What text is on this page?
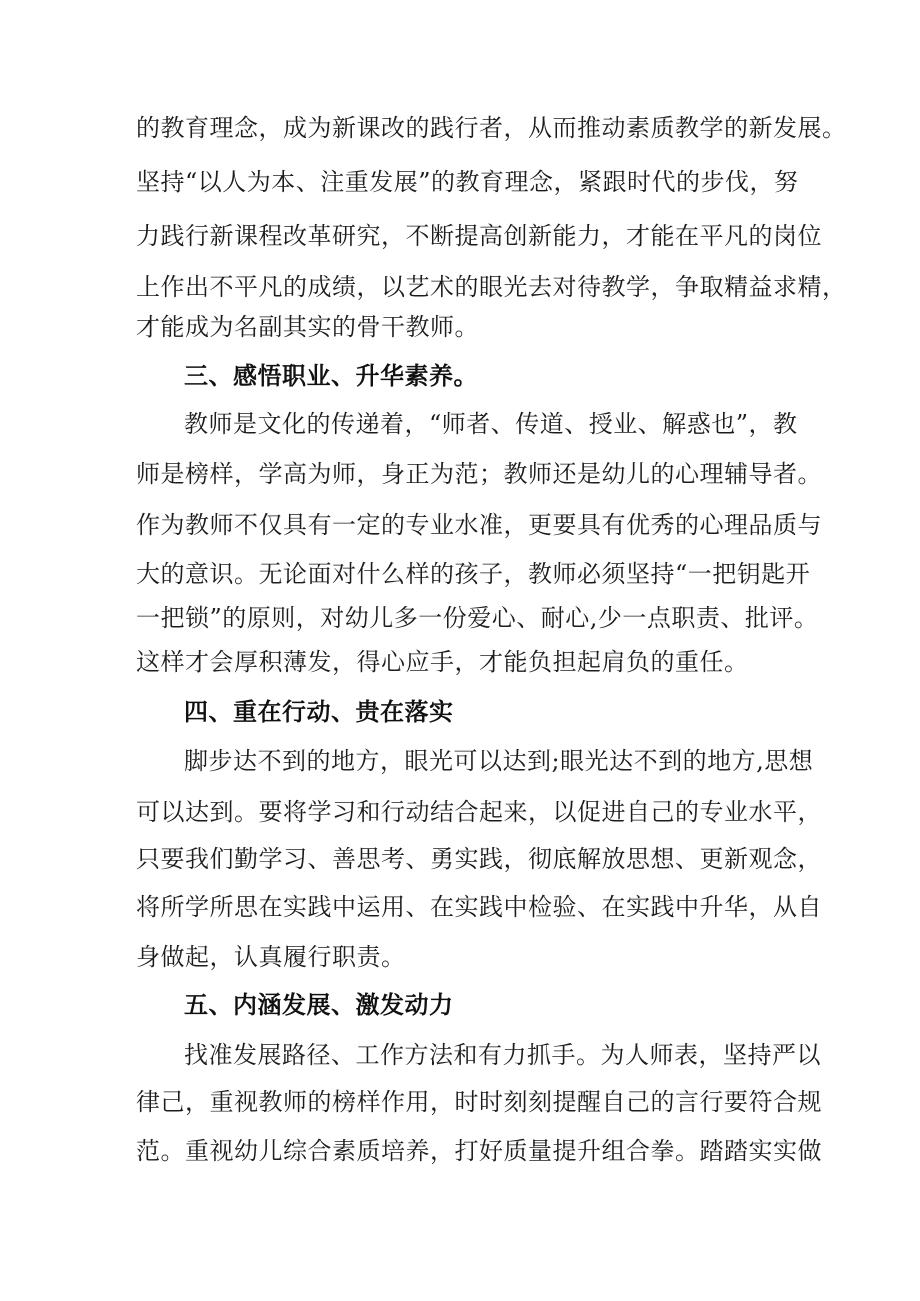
的教育理念，成为新课改的践行者，从而推动素质教学的新发展。
坚持“以人为本、注重发展”的教育理念，紧跟时代的步伐，努
力践行新课程改革研究，不断提高创新能力，才能在平凡的岗位
上作出不平凡的成绩，以艺术的眼光去对待教学，争取精益求精，
才能成为名副其实的骨干教师。
三、感悟职业、升华素养。
教师是文化的传递着，“师者、传道、授业、解惑也”，教
师是榜样，学高为师，身正为范；教师还是幼儿的心理辅导者。
作为教师不仅具有一定的专业水准，更要具有优秀的心理品质与
大的意识。无论面对什么样的孩子，教师必须坚持“一把钥匙开
一把锁”的原则，对幼儿多一份爱心、耐心,少一点职责、批评。
这样才会厚积薄发，得心应手，才能负担起肩负的重任。
四、重在行动、贵在落实
脚步达不到的地方，眼光可以达到;眼光达不到的地方,思想
可以达到。要将学习和行动结合起来，以促进自己的专业水平，
只要我们勤学习、善思考、勇实践，彻底解放思想、更新观念，
将所学所思在实践中运用、在实践中检验、在实践中升华，从自
身做起，认真履行职责。
五、内涵发展、激发动力
找准发展路径、工作方法和有力抓手。为人师表，坚持严以
律己，重视教师的榜样作用，时时刻刻提醒自己的言行要符合规
范。重视幼儿综合素质培养，打好质量提升组合拳。踏踏实实做
